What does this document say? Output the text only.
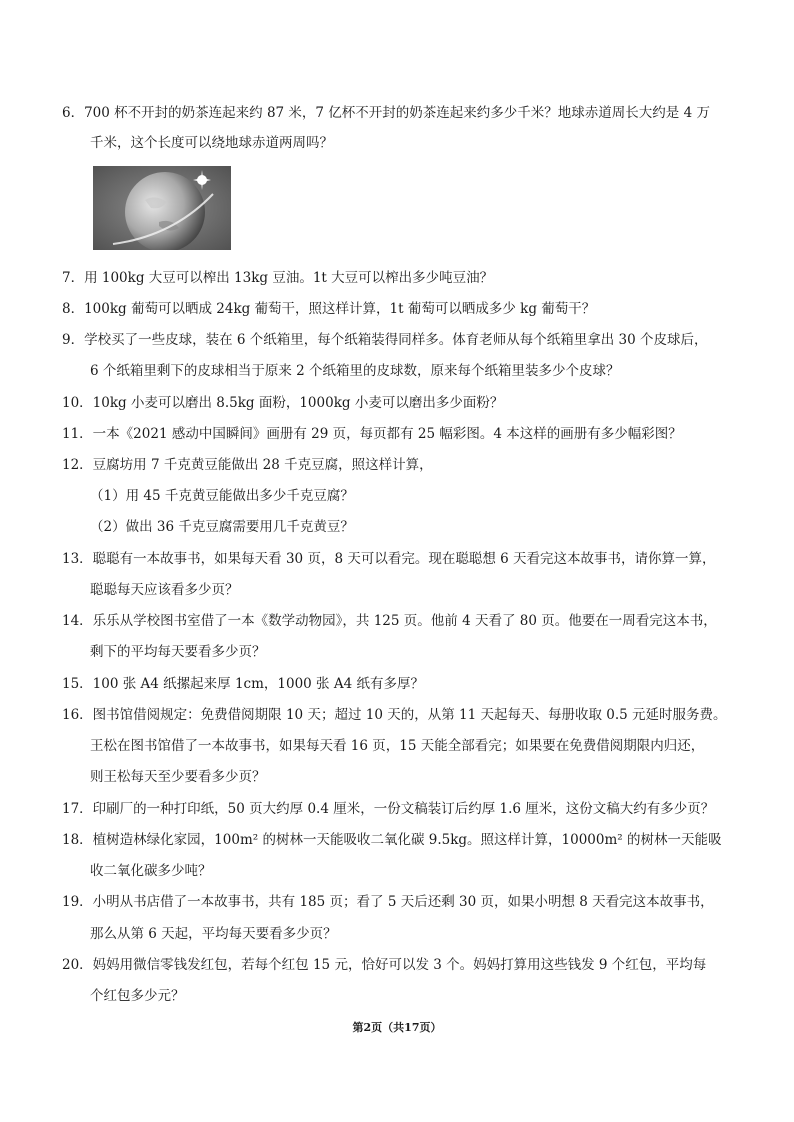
6．700 杯不开封的奶茶连起来约 87 米，7 亿杯不开封的奶茶连起来约多少千米？地球赤道周长大约是 4 万
千米，这个长度可以绕地球赤道两周吗？
7．用 100kg 大豆可以榨出 13kg 豆油。1t 大豆可以榨出多少吨豆油？
8．100kg 葡萄可以晒成 24kg 葡萄干，照这样计算，1t 葡萄可以晒成多少 kg 葡萄干？
9．学校买了一些皮球，装在 6 个纸箱里，每个纸箱装得同样多。体育老师从每个纸箱里拿出 30 个皮球后，
6 个纸箱里剩下的皮球相当于原来 2 个纸箱里的皮球数，原来每个纸箱里装多少个皮球？
10．10kg 小麦可以磨出 8.5kg 面粉，1000kg 小麦可以磨出多少面粉？
11．一本《2021 感动中国瞬间》画册有 29 页，每页都有 25 幅彩图。4 本这样的画册有多少幅彩图？
12．豆腐坊用 7 千克黄豆能做出 28 千克豆腐，照这样计算，
（1）用 45 千克黄豆能做出多少千克豆腐？
（2）做出 36 千克豆腐需要用几千克黄豆？
13．聪聪有一本故事书，如果每天看 30 页，8 天可以看完。现在聪聪想 6 天看完这本故事书，请你算一算，
聪聪每天应该看多少页？
14．乐乐从学校图书室借了一本《数学动物园》，共 125 页。他前 4 天看了 80 页。他要在一周看完这本书，
剩下的平均每天要看多少页？
15．100 张 A4 纸摞起来厚 1cm，1000 张 A4 纸有多厚？
16．图书馆借阅规定：免费借阅期限 10 天；超过 10 天的，从第 11 天起每天、每册收取 0.5 元延时服务费。
王松在图书馆借了一本故事书，如果每天看 16 页，15 天能全部看完；如果要在免费借阅期限内归还，
则王松每天至少要看多少页？
17．印刷厂的一种打印纸，50 页大约厚 0.4 厘米，一份文稿装订后约厚 1.6 厘米，这份文稿大约有多少页？
18．植树造林绿化家园，100m² 的树林一天能吸收二氧化碳 9.5kg。照这样计算，10000m² 的树林一天能吸
收二氧化碳多少吨？
19．小明从书店借了一本故事书，共有 185 页；看了 5 天后还剩 30 页，如果小明想 8 天看完这本故事书，
那么从第 6 天起，平均每天要看多少页？
20．妈妈用微信零钱发红包，若每个红包 15 元，恰好可以发 3 个。妈妈打算用这些钱发 9 个红包，平均每
个红包多少元？
第2页（共17页）
